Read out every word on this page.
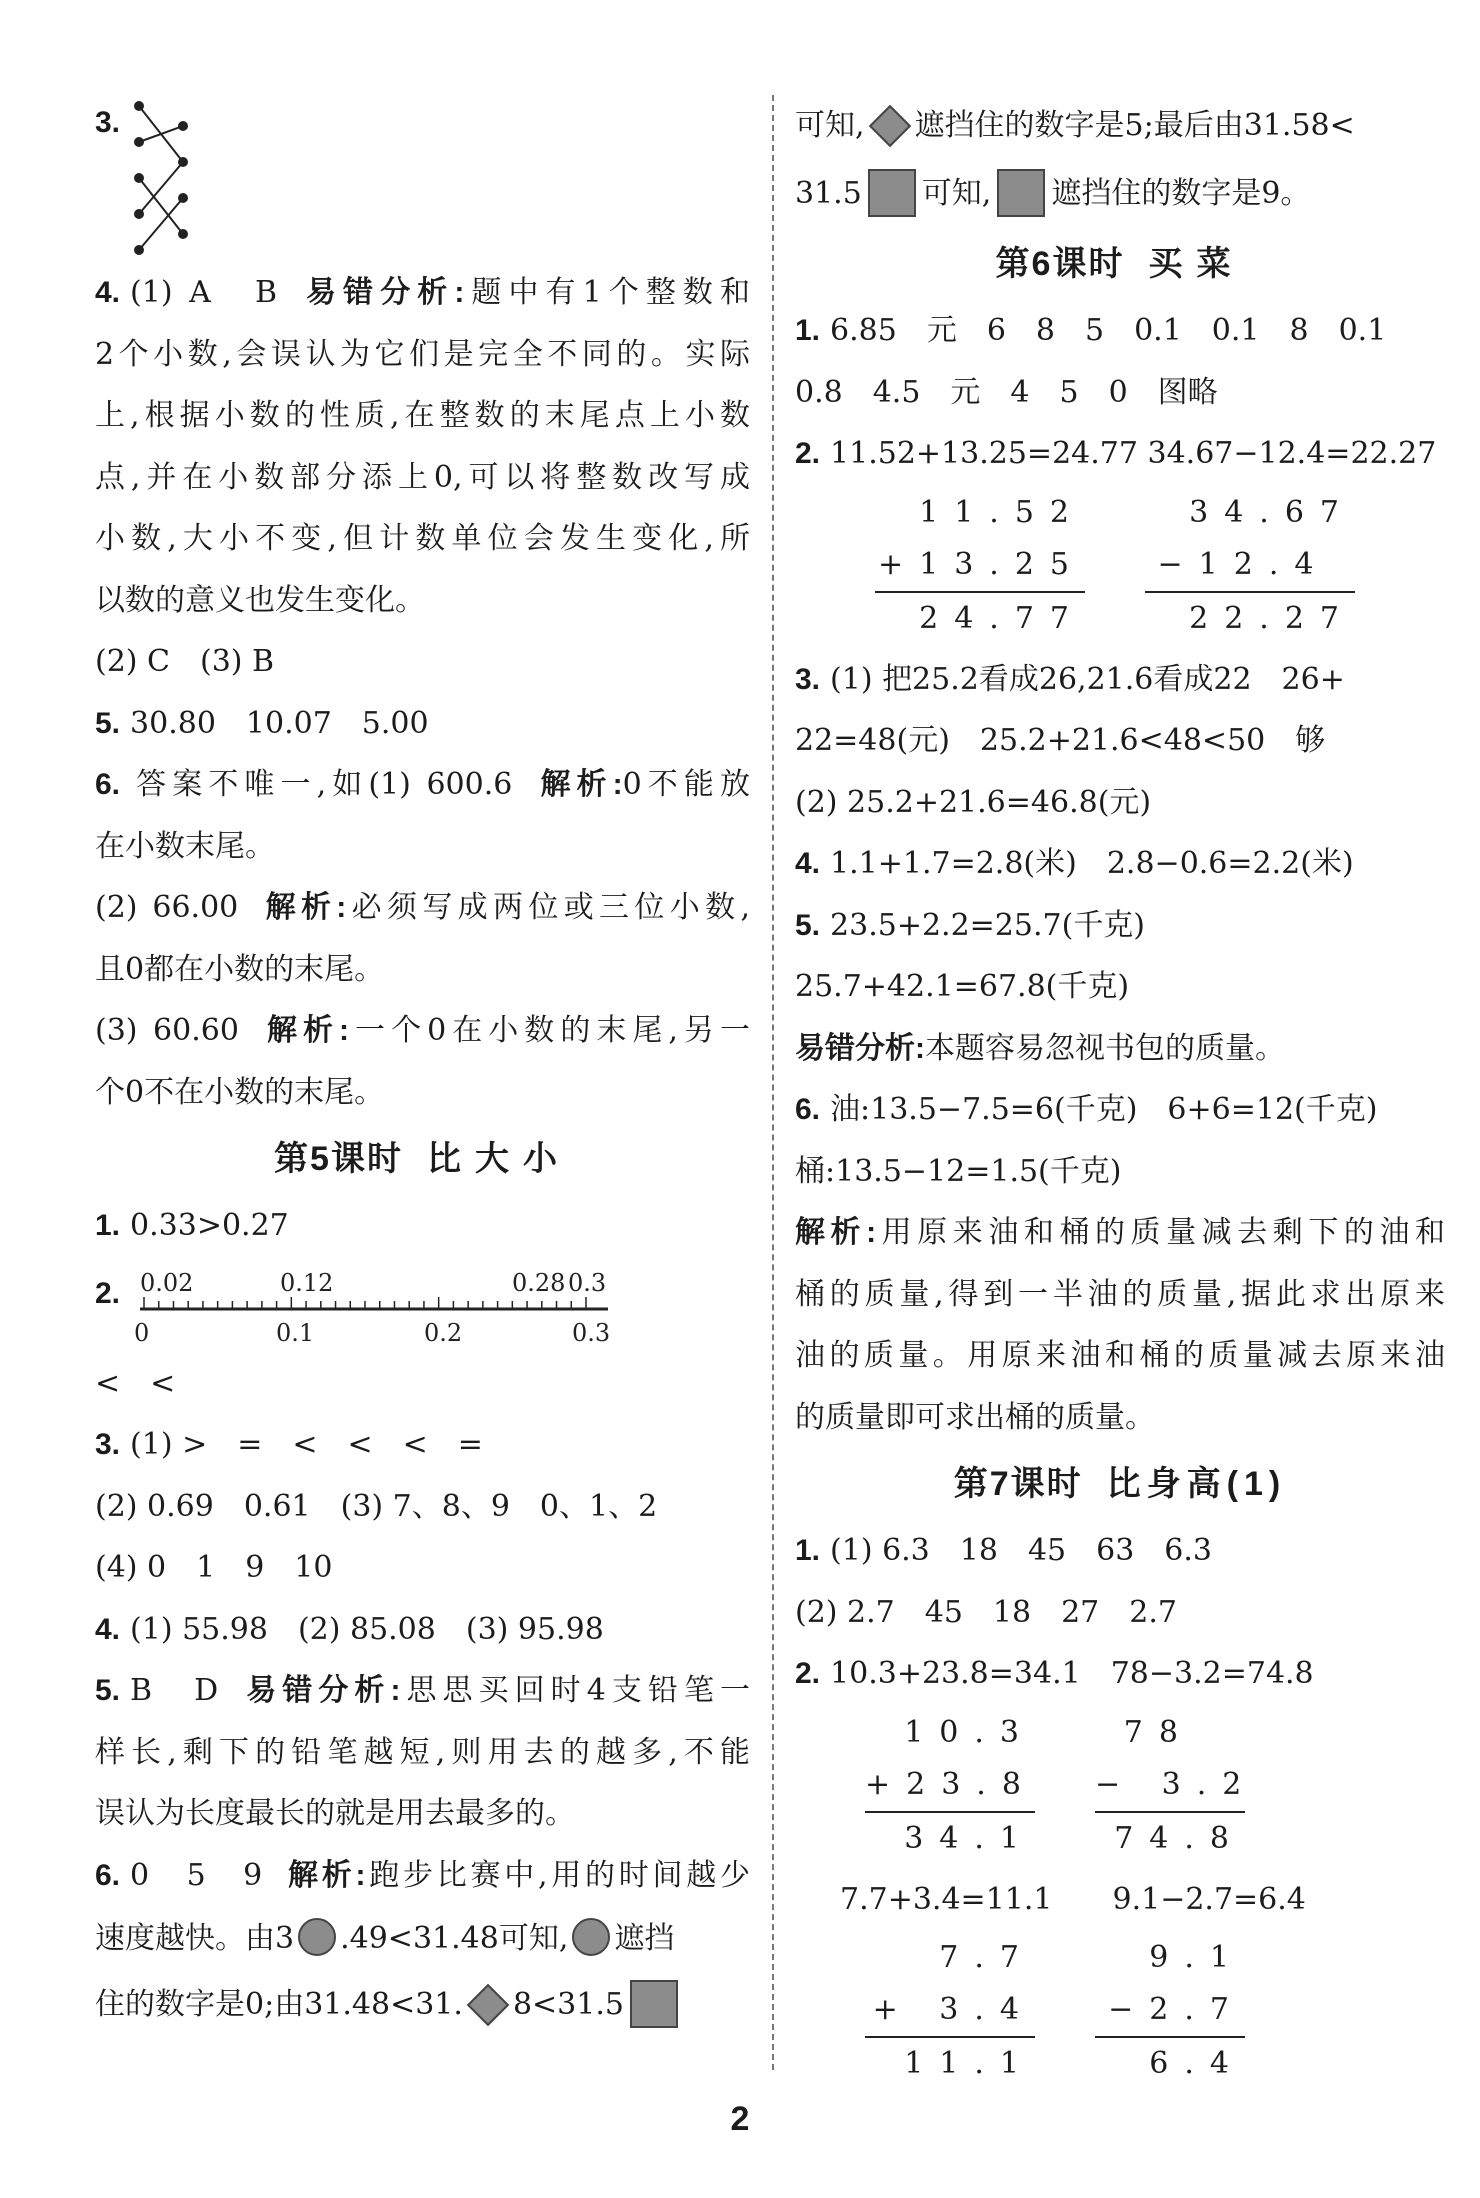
3.
4. (1) A　B 易错分析:题中有1个整数和
2个小数,会误认为它们是完全不同的。实际
上,根据小数的性质,在整数的末尾点上小数
点,并在小数部分添上0,可以将整数改写成
小数,大小不变,但计数单位会发生变化,所
以数的意义也发生变化。
(2) C　(3) B
5. 30.80　10.07　5.00
6. 答案不唯一,如(1) 600.6 解析:0不能放
在小数末尾。
(2) 66.00 解析:必须写成两位或三位小数,
且0都在小数的末尾。
(3) 60.60 解析:一个0在小数的末尾,另一
个0不在小数的末尾。
第5课时 比大小
1. 0.33>0.27
2. 0.02	0.12	0.28 0.3
0	0.1	0.2	0.3
<　<
3. (1) >　=　<　<　<　=
(2) 0.69　0.61　(3) 7、8、9　0、1、2
(4) 0　1　9　10
4. (1) 55.98　(2) 85.08　(3) 95.98
5. B　D 易错分析:思思买回时4支铅笔一
样长,剩下的铅笔越短,则用去的越多,不能
误认为长度最长的就是用去最多的。
6. 0　5　9 解析:跑步比赛中,用的时间越少
速度越快。由3 .49<31.48可知, 遮挡
住的数字是0;由31.48<31. 8<31.5
可知, 遮挡住的数字是5;最后由31.58<
31.5 可知, 遮挡住的数字是9。
第6课时 买菜
1. 6.85　元　6　8　5　0.1　0.1　8　0.1
0.8　4.5　元　4　5　0　图略
2. 11.52+13.25=24.77 34.67−12.4=22.27
11.52
+13.25
24.77
34.67
−12.4
22.27
3. (1) 把25.2看成26,21.6看成22　26+
22=48(元)　25.2+21.6<48<50　够
(2) 25.2+21.6=46.8(元)
4. 1.1+1.7=2.8(米)　2.8−0.6=2.2(米)
5. 23.5+2.2=25.7(千克)
25.7+42.1=67.8(千克)
易错分析:本题容易忽视书包的质量。
6. 油:13.5−7.5=6(千克)　6+6=12(千克)
桶:13.5−12=1.5(千克)
解析:用原来油和桶的质量减去剩下的油和
桶的质量,得到一半油的质量,据此求出原来
油的质量。用原来油和桶的质量减去原来油
的质量即可求出桶的质量。
第7课时 比身高(1)
1. (1) 6.3　18　45　63　6.3
(2) 2.7　45　18　27　2.7
2. 10.3+23.8=34.1　78−3.2=74.8
10.3
+23.8
34.1
78
− 3.2
74.8
7.7+3.4=11.1　　9.1−2.7=6.4
7.7
+ 3.4
11.1
9.1
−2.7
6.4
2
